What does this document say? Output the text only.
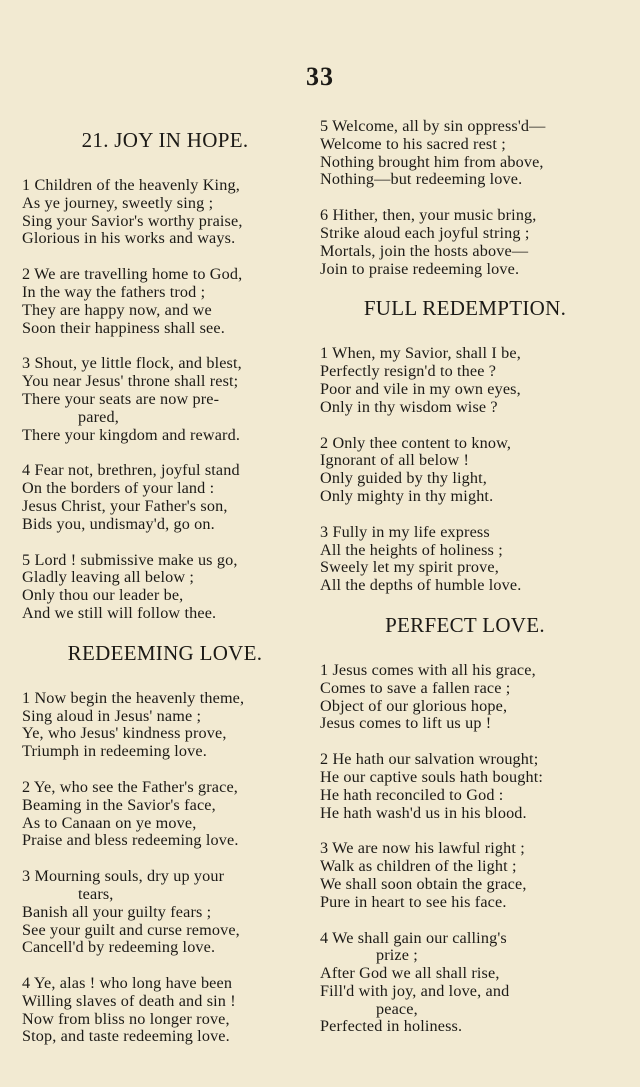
33
21. JOY IN HOPE.
1 Children of the heavenly King,
As ye journey, sweetly sing ;
Sing your Savior's worthy praise,
Glorious in his works and ways.
2 We are travelling home to God,
In the way the fathers trod ;
They are happy now, and we
Soon their happiness shall see.
3 Shout, ye little flock, and blest,
You near Jesus' throne shall rest;
There your seats are now pre-
pared,
There your kingdom and reward.
4 Fear not, brethren, joyful stand
On the borders of your land :
Jesus Christ, your Father's son,
Bids you, undismay'd, go on.
5 Lord ! submissive make us go,
Gladly leaving all below ;
Only thou our leader be,
And we still will follow thee.
REDEEMING LOVE.
1 Now begin the heavenly theme,
Sing aloud in Jesus' name ;
Ye, who Jesus' kindness prove,
Triumph in redeeming love.
2 Ye, who see the Father's grace,
Beaming in the Savior's face,
As to Canaan on ye move,
Praise and bless redeeming love.
3 Mourning souls, dry up your
tears,
Banish all your guilty fears ;
See your guilt and curse remove,
Cancell'd by redeeming love.
4 Ye, alas ! who long have been
Willing slaves of death and sin !
Now from bliss no longer rove,
Stop, and taste redeeming love.
5 Welcome, all by sin oppress'd—
Welcome to his sacred rest ;
Nothing brought him from above,
Nothing—but redeeming love.
6 Hither, then, your music bring,
Strike aloud each joyful string ;
Mortals, join the hosts above—
Join to praise redeeming love.
FULL REDEMPTION.
1 When, my Savior, shall I be,
Perfectly resign'd to thee ?
Poor and vile in my own eyes,
Only in thy wisdom wise ?
2 Only thee content to know,
Ignorant of all below !
Only guided by thy light,
Only mighty in thy might.
3 Fully in my life express
All the heights of holiness ;
Sweely let my spirit prove,
All the depths of humble love.
PERFECT LOVE.
1 Jesus comes with all his grace,
Comes to save a fallen race ;
Object of our glorious hope,
Jesus comes to lift us up !
2 He hath our salvation wrought;
He our captive souls hath bought:
He hath reconciled to God :
He hath wash'd us in his blood.
3 We are now his lawful right ;
Walk as children of the light ;
We shall soon obtain the grace,
Pure in heart to see his face.
4 We shall gain our calling's
prize ;
After God we all shall rise,
Fill'd with joy, and love, and
peace,
Perfected in holiness.
